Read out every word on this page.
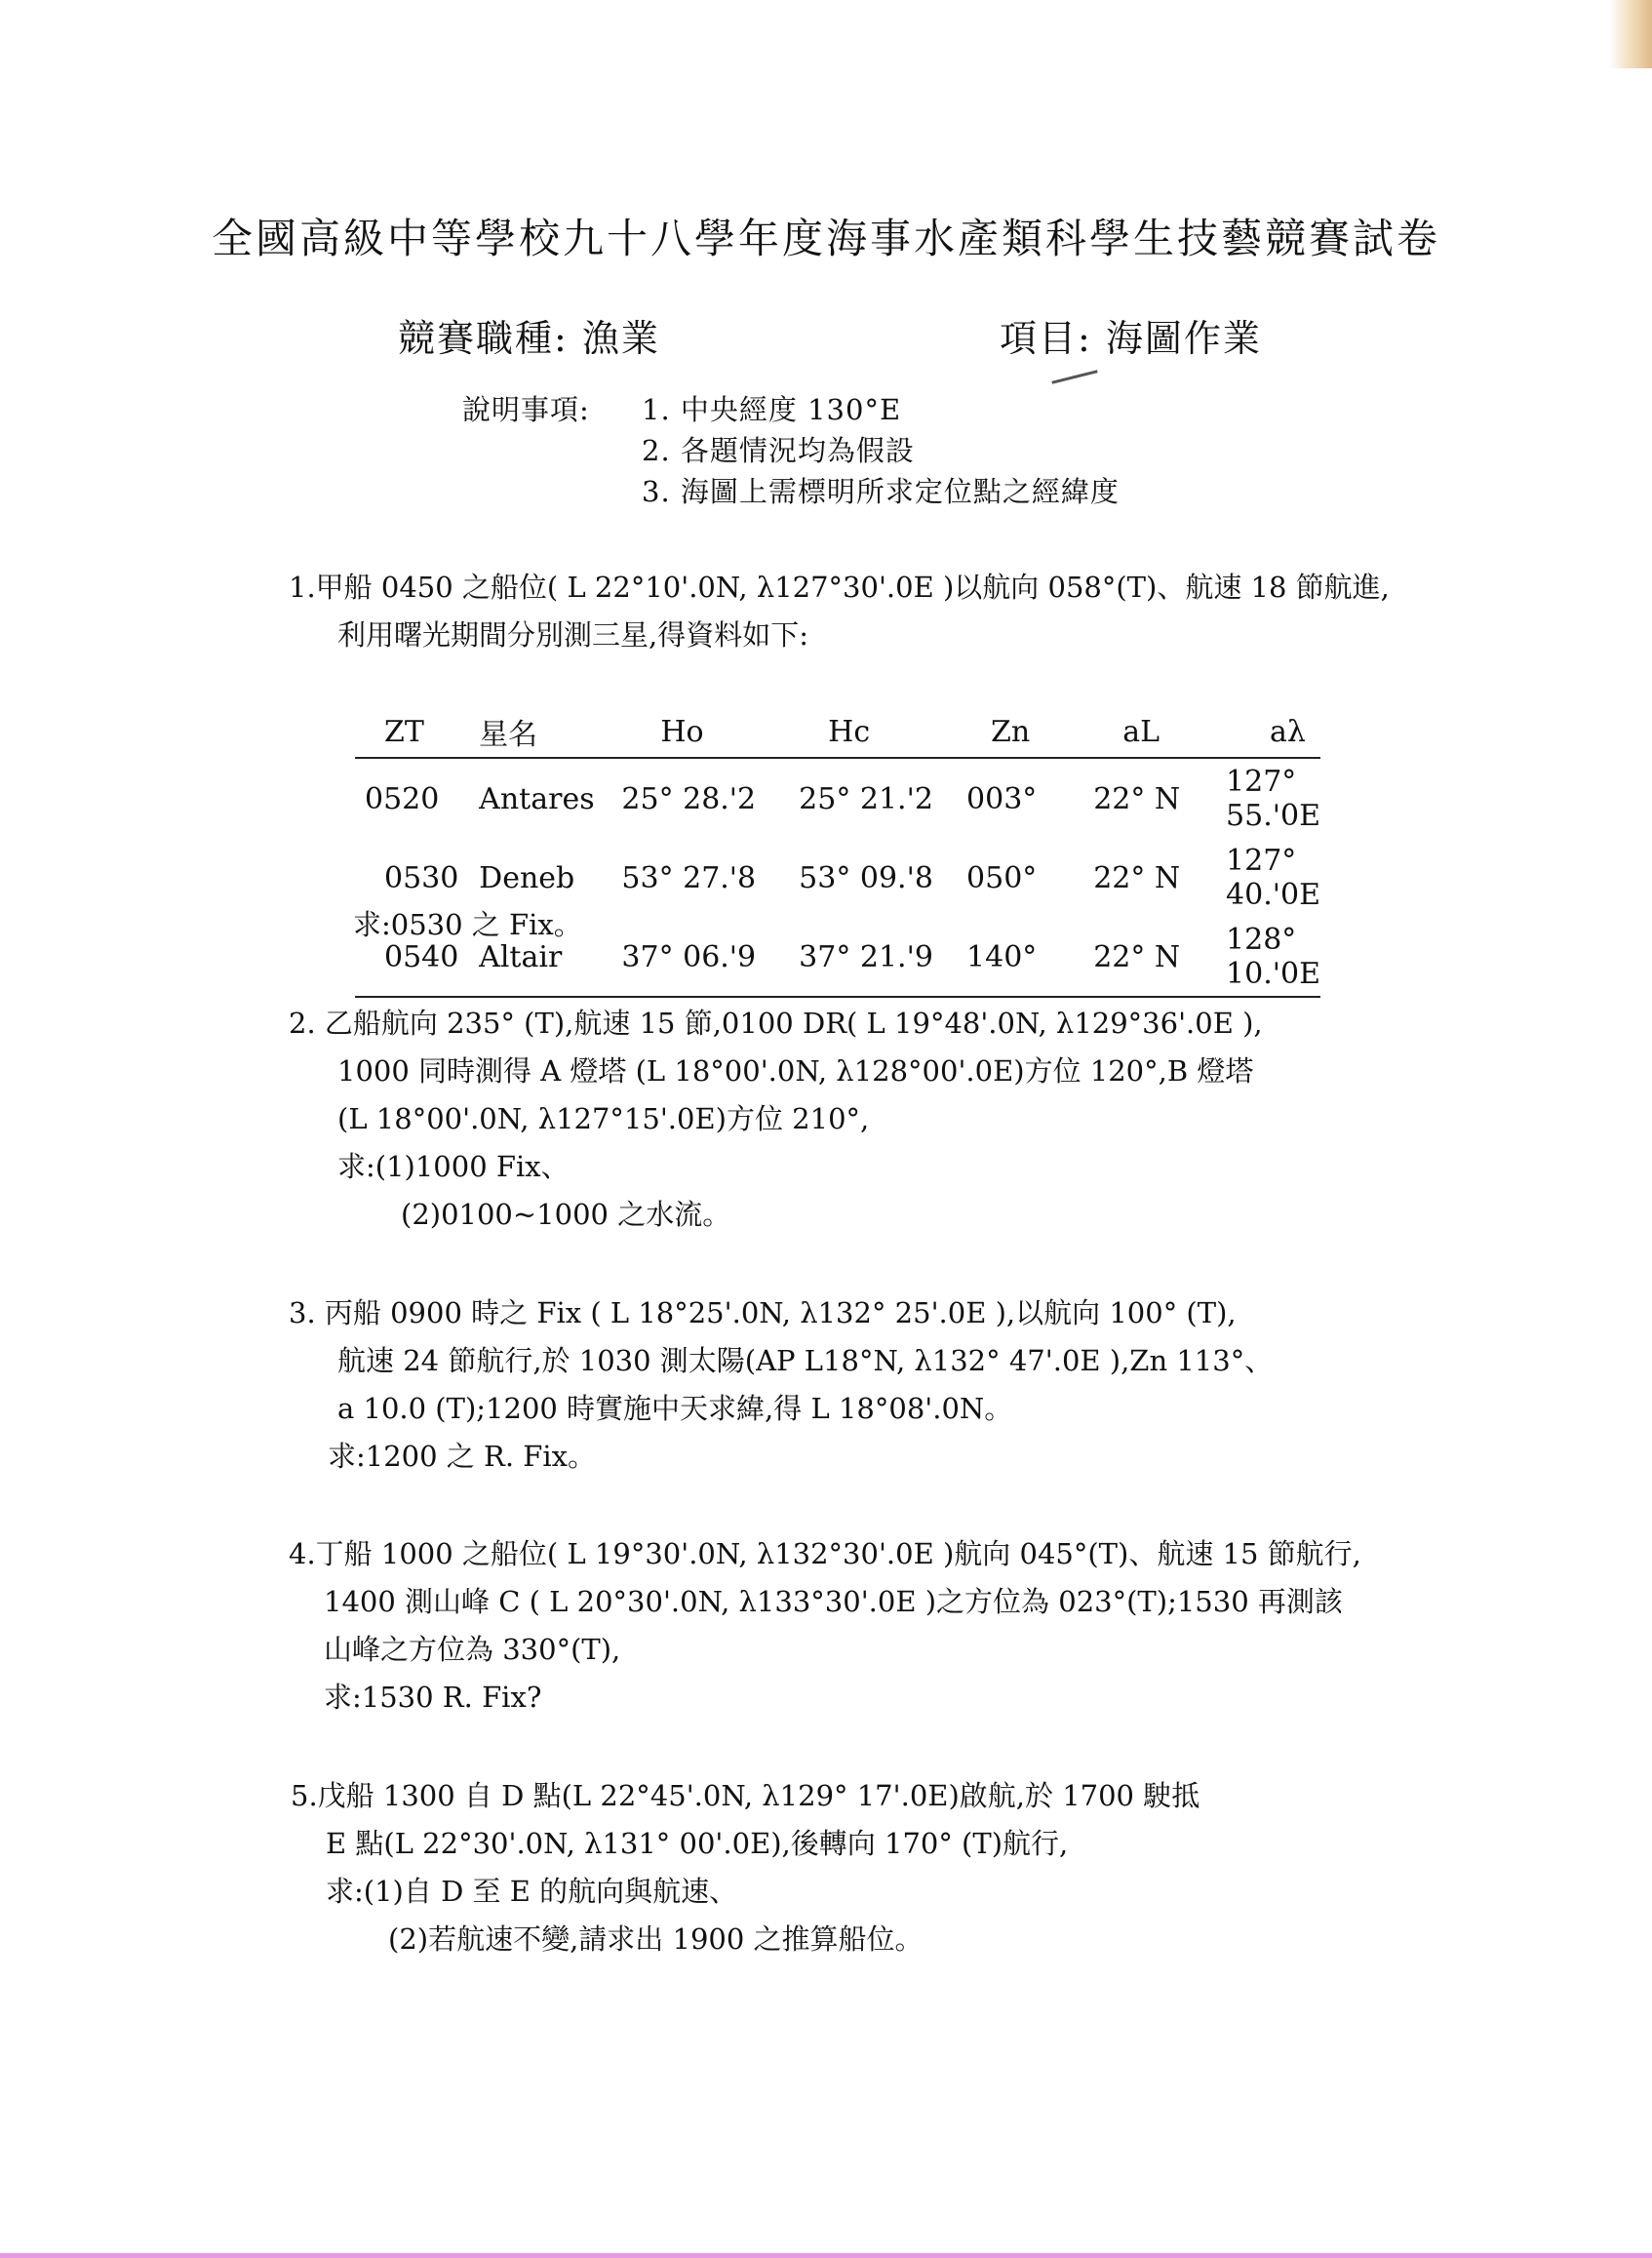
全國高級中等學校九十八學年度海事水產類科學生技藝競賽試卷
競賽職種: 漁業	項目: 海圖作業
說明事項: 1. 中央經度 130°E
2. 各題情況均為假設
3. 海圖上需標明所求定位點之經緯度
1.甲船 0450 之船位( L 22°10'.0N, λ127°30'.0E )以航向 058°(T)、航速 18 節航進,
利用曙光期間分別測三星,得資料如下:
ZT	星名	Ho	Hc	Zn	aL	aλ
0520	Antares	25° 28.'2	25° 21.'2	003°	22° N	127° 55.'0E
0530	Deneb	53° 27.'8	53° 09.'8	050°	22° N	127° 40.'0E
0540	Altair	37° 06.'9	37° 21.'9	140°	22° N	128° 10.'0E
求:0530 之 Fix。
2. 乙船航向 235° (T),航速 15 節,0100 DR( L 19°48'.0N, λ129°36'.0E ),
1000 同時測得 A 燈塔 (L 18°00'.0N, λ128°00'.0E)方位 120°,B 燈塔
(L 18°00'.0N, λ127°15'.0E)方位 210°,
求:(1)1000 Fix、
(2)0100~1000 之水流。
3. 丙船 0900 時之 Fix ( L 18°25'.0N, λ132° 25'.0E ),以航向 100° (T),
航速 24 節航行,於 1030 測太陽(AP L18°N, λ132° 47'.0E ),Zn 113°、
a 10.0 (T);1200 時實施中天求緯,得 L 18°08'.0N。
求:1200 之 R. Fix。
4.丁船 1000 之船位( L 19°30'.0N, λ132°30'.0E )航向 045°(T)、航速 15 節航行,
1400 測山峰 C ( L 20°30'.0N, λ133°30'.0E )之方位為 023°(T);1530 再測該
山峰之方位為 330°(T),
求:1530 R. Fix?
5.戊船 1300 自 D 點(L 22°45'.0N, λ129° 17'.0E)啟航,於 1700 駛抵
E 點(L 22°30'.0N, λ131° 00'.0E),後轉向 170° (T)航行,
求:(1)自 D 至 E 的航向與航速、
(2)若航速不變,請求出 1900 之推算船位。
